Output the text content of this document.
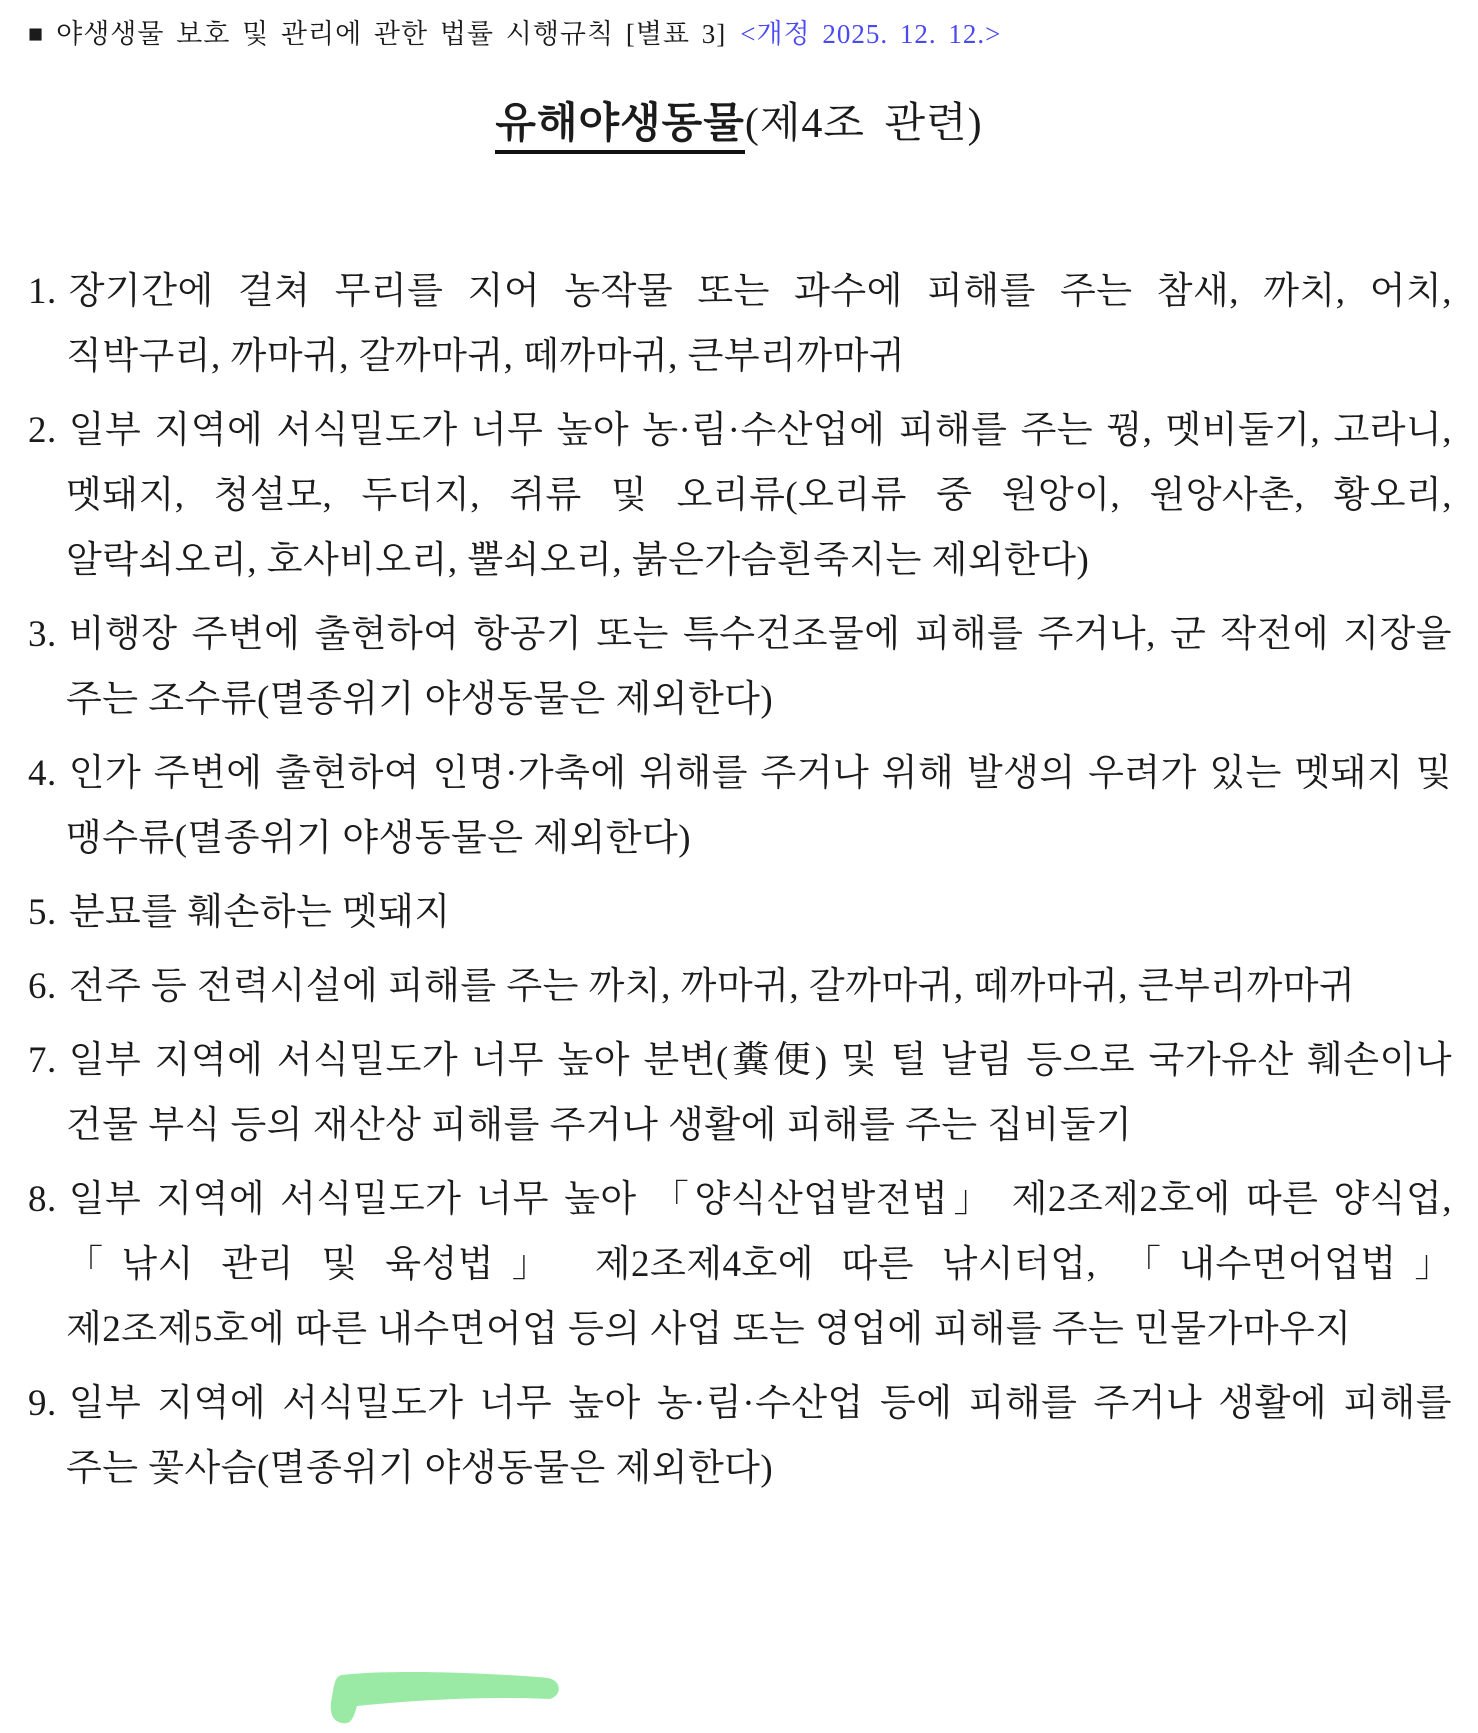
■ 야생생물 보호 및 관리에 관한 법률 시행규칙 [별표 3] <개정 2025. 12. 12.>
유해야생동물(제4조 관련)

1. 장기간에 걸쳐 무리를 지어 농작물 또는 과수에 피해를 주는 참새, 까치, 어치, 직박구리, 까마귀, 갈까마귀, 떼까마귀, 큰부리까마귀

2. 일부 지역에 서식밀도가 너무 높아 농·림·수산업에 피해를 주는 꿩, 멧비둘기, 고라니, 멧돼지, 청설모, 두더지, 쥐류 및 오리류(오리류 중 원앙이, 원앙사촌, 황오리, 알락쇠오리, 호사비오리, 뿔쇠오리, 붉은가슴흰죽지는 제외한다)

3. 비행장 주변에 출현하여 항공기 또는 특수건조물에 피해를 주거나, 군 작전에 지장을 주는 조수류(멸종위기 야생동물은 제외한다)

4. 인가 주변에 출현하여 인명·가축에 위해를 주거나 위해 발생의 우려가 있는 멧돼지 및 맹수류(멸종위기 야생동물은 제외한다)

5. 분묘를 훼손하는 멧돼지

6. 전주 등 전력시설에 피해를 주는 까치, 까마귀, 갈까마귀, 떼까마귀, 큰부리까마귀

7. 일부 지역에 서식밀도가 너무 높아 분변(糞便) 및 털 날림 등으로 국가유산 훼손이나 건물 부식 등의 재산상 피해를 주거나 생활에 피해를 주는 집비둘기

8. 일부 지역에 서식밀도가 너무 높아 「양식산업발전법」 제2조제2호에 따른 양식업, 「낚시 관리 및 육성법」 제2조제4호에 따른 낚시터업, 「내수면어업법」 제2조제5호에 따른 내수면어업 등의 사업 또는 영업에 피해를 주는 민물가마우지

9. 일부 지역에 서식밀도가 너무 높아 농·림·수산업 등에 피해를 주거나 생활에 피해를 주는 꽃사슴(멸종위기 야생동물은 제외한다)
